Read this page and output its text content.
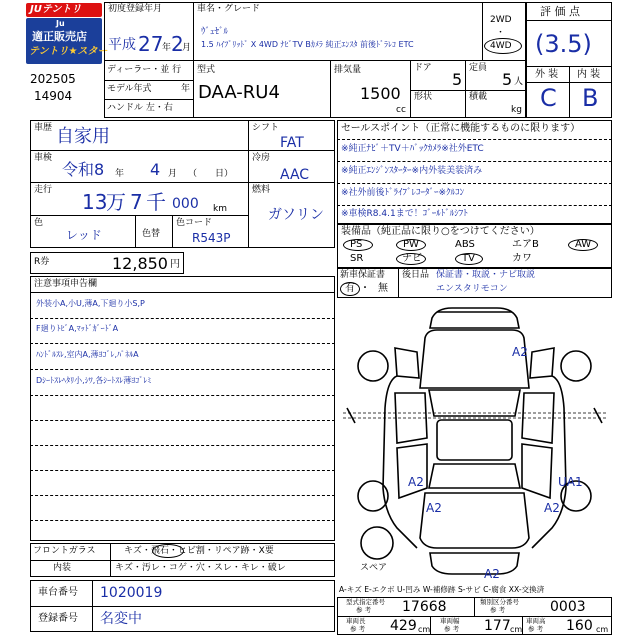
JUテントリ
Ju
適正販売店
テントリ★スター
202505
14904
初度登録年月
平成 27
年 2
月
車名・グレード
ｳﾞｪｾﾞﾙ
1.5 ﾊｲﾌﾞﾘｯﾄﾞ X 4WD ﾅﾋﾞTV Bｶﾒﾗ 純正ｴﾝｽﾀ 前後ﾄﾞﾗﾚｺ ETC
2WD
・
4WD
評 価 点
(3.5)
外 装 内 装
C B
ディーラー・並 行
モデル年式	年
ハンドル 左・右
型式
DAA-RU4
排気量
1500
cc
ドア
5
定員
5 人
形状	積載
kg
車歴 自家用
車検
令和8 年 4 月 （　　日）
走行 13
万 7 千 000 km
色
レッド	色替
色コード
R543P
シフト
FAT
冷房
AAC
燃料
ガソリン
R券	12,850 円
セールスポイント（正常に機能するものに限ります）
※純正ﾅﾋﾞ＋TV＋ﾊﾞｯｸｶﾒﾗ※社外ETC
※純正ｴﾝｼﾞﾝｽﾀｰﾀｰ※内外装美装済み
※社外前後ﾄﾞﾗｲﾌﾞﾚｺｰﾀﾞｰ※ｸﾙｺﾝ
※車検R8.4.1まで！ｺﾞｰﾙﾄﾞﾙｼﾌﾄ
装備品（純正品に限り○をつけてください）
PS	PW	ABS	エアB	AW
SR	ナビ	TV	カワ
新車保証書
有 ・ 無
後日品 保証書・取説・ナビ取説
エンスタリモコン
注意事項申告欄
外装小A,小U,薄A,下廻り小S,P
F廻りﾄﾋﾞA,ﾏｯﾄﾞｶﾞｰﾄﾞA
ﾊﾝﾄﾞﾙｽﾚ,室内A,薄ﾖｺﾞﾚ,ﾊﾟﾈﾙA
Dｼｰﾄｽﾚﾍﾀﾘ小,ｼﾜ,各ｼｰﾄｽﾚ薄ﾖｺﾞﾚﾐ
フロントガラス	キズ・飛石・ヒビ割・リペア跡・X要
内装	キズ・汚レ・コゲ・穴・スレ・キレ・破レ
車台番号 1020019
登録番号 名変中
A2
A2
A2	A2
UA1
A2
スペア
A-キズ E-エクボ U-凹み W-補修跡 S-サビ C-腐食 XX-交換済
型式指定番号
参 考 17668	類別区分番号
参 考	0003
車両長
参 考 429 cm
車両幅
参 考 177 cm
車両高
参 考 160 cm
